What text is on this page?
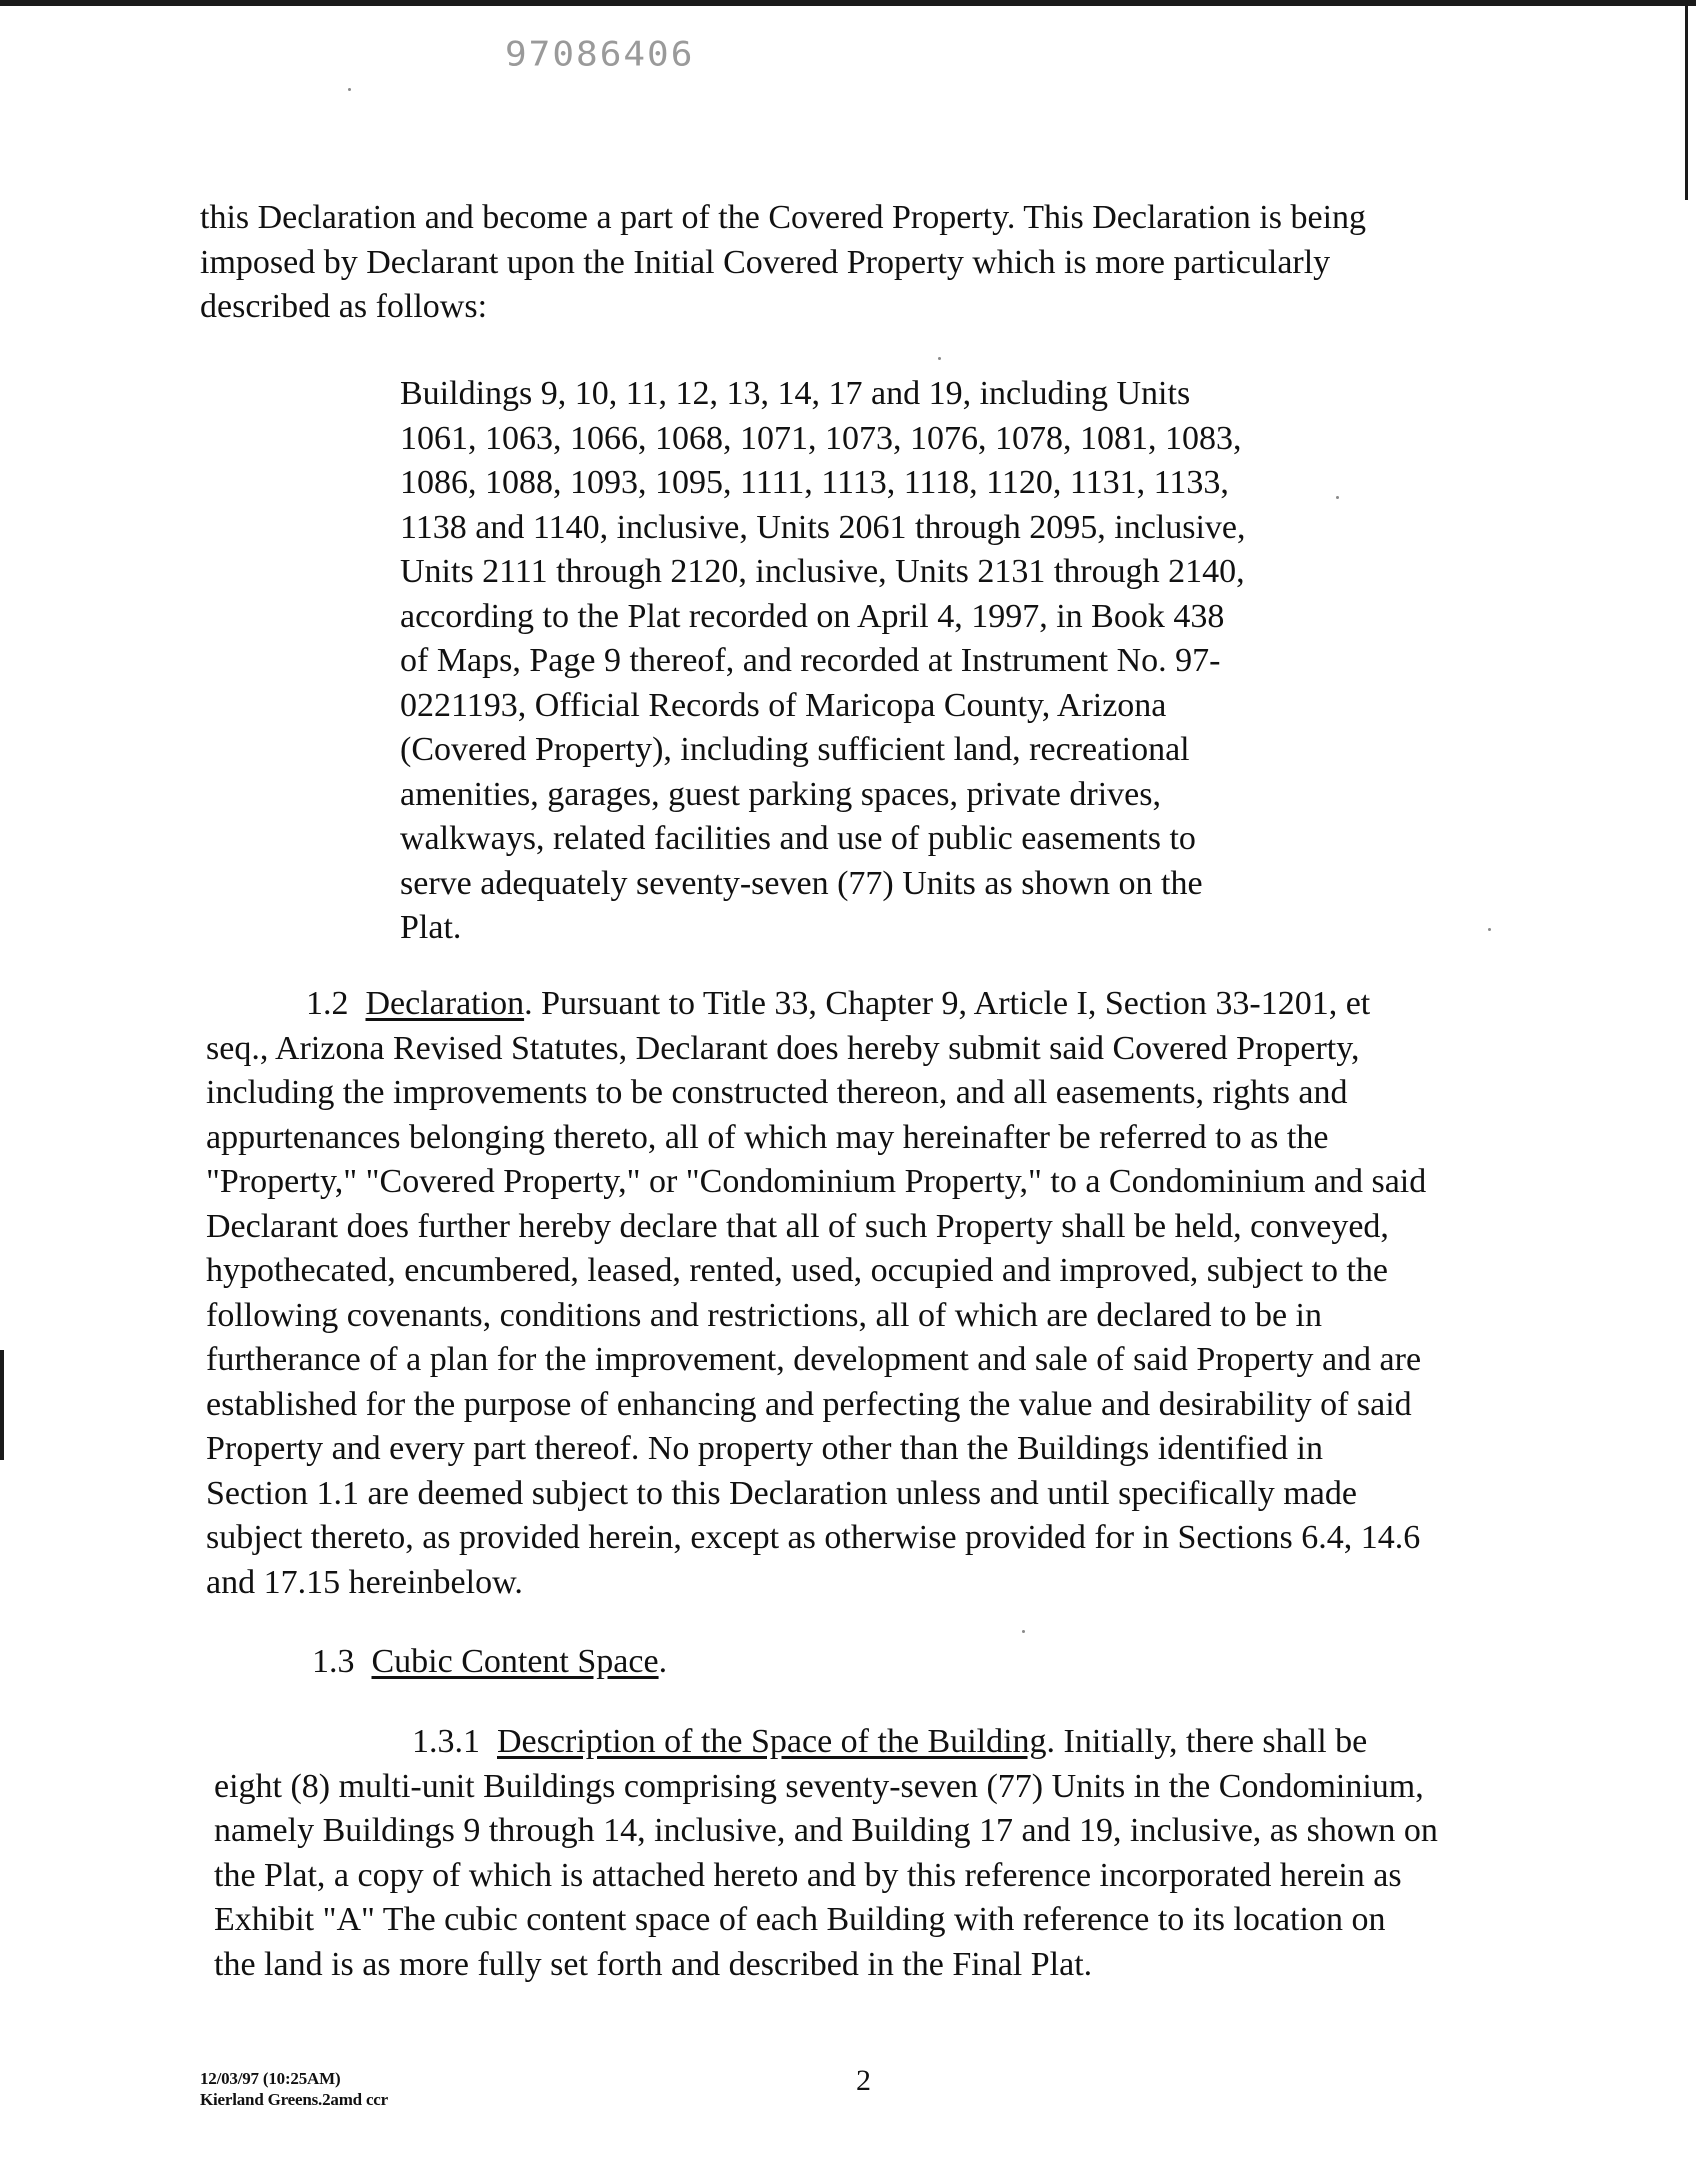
97086406
this Declaration and become a part of the Covered Property. This Declaration is being
imposed by Declarant upon the Initial Covered Property which is more particularly
described as follows:
Buildings 9, 10, 11, 12, 13, 14, 17 and 19, including Units
1061, 1063, 1066, 1068, 1071, 1073, 1076, 1078, 1081, 1083,
1086, 1088, 1093, 1095, 1111, 1113, 1118, 1120, 1131, 1133,
1138 and 1140, inclusive, Units 2061 through 2095, inclusive,
Units 2111 through 2120, inclusive, Units 2131 through 2140,
according to the Plat recorded on April 4, 1997, in Book 438
of Maps, Page 9 thereof, and recorded at Instrument No. 97-
0221193, Official Records of Maricopa County, Arizona
(Covered Property), including sufficient land, recreational
amenities, garages, guest parking spaces, private drives,
walkways, related facilities and use of public easements to
serve adequately seventy-seven (77) Units as shown on the
Plat.
1.2 Declaration. Pursuant to Title 33, Chapter 9, Article I, Section 33-1201, et
seq., Arizona Revised Statutes, Declarant does hereby submit said Covered Property,
including the improvements to be constructed thereon, and all easements, rights and
appurtenances belonging thereto, all of which may hereinafter be referred to as the
"Property," "Covered Property," or "Condominium Property," to a Condominium and said
Declarant does further hereby declare that all of such Property shall be held, conveyed,
hypothecated, encumbered, leased, rented, used, occupied and improved, subject to the
following covenants, conditions and restrictions, all of which are declared to be in
furtherance of a plan for the improvement, development and sale of said Property and are
established for the purpose of enhancing and perfecting the value and desirability of said
Property and every part thereof. No property other than the Buildings identified in
Section 1.1 are deemed subject to this Declaration unless and until specifically made
subject thereto, as provided herein, except as otherwise provided for in Sections 6.4, 14.6
and 17.15 hereinbelow.
1.3 Cubic Content Space.
1.3.1 Description of the Space of the Building. Initially, there shall be
eight (8) multi-unit Buildings comprising seventy-seven (77) Units in the Condominium,
namely Buildings 9 through 14, inclusive, and Building 17 and 19, inclusive, as shown on
the Plat, a copy of which is attached hereto and by this reference incorporated herein as
Exhibit "A" The cubic content space of each Building with reference to its location on
the land is as more fully set forth and described in the Final Plat.
12/03/97 (10:25AM)
Kierland Greens.2amd ccr
2
